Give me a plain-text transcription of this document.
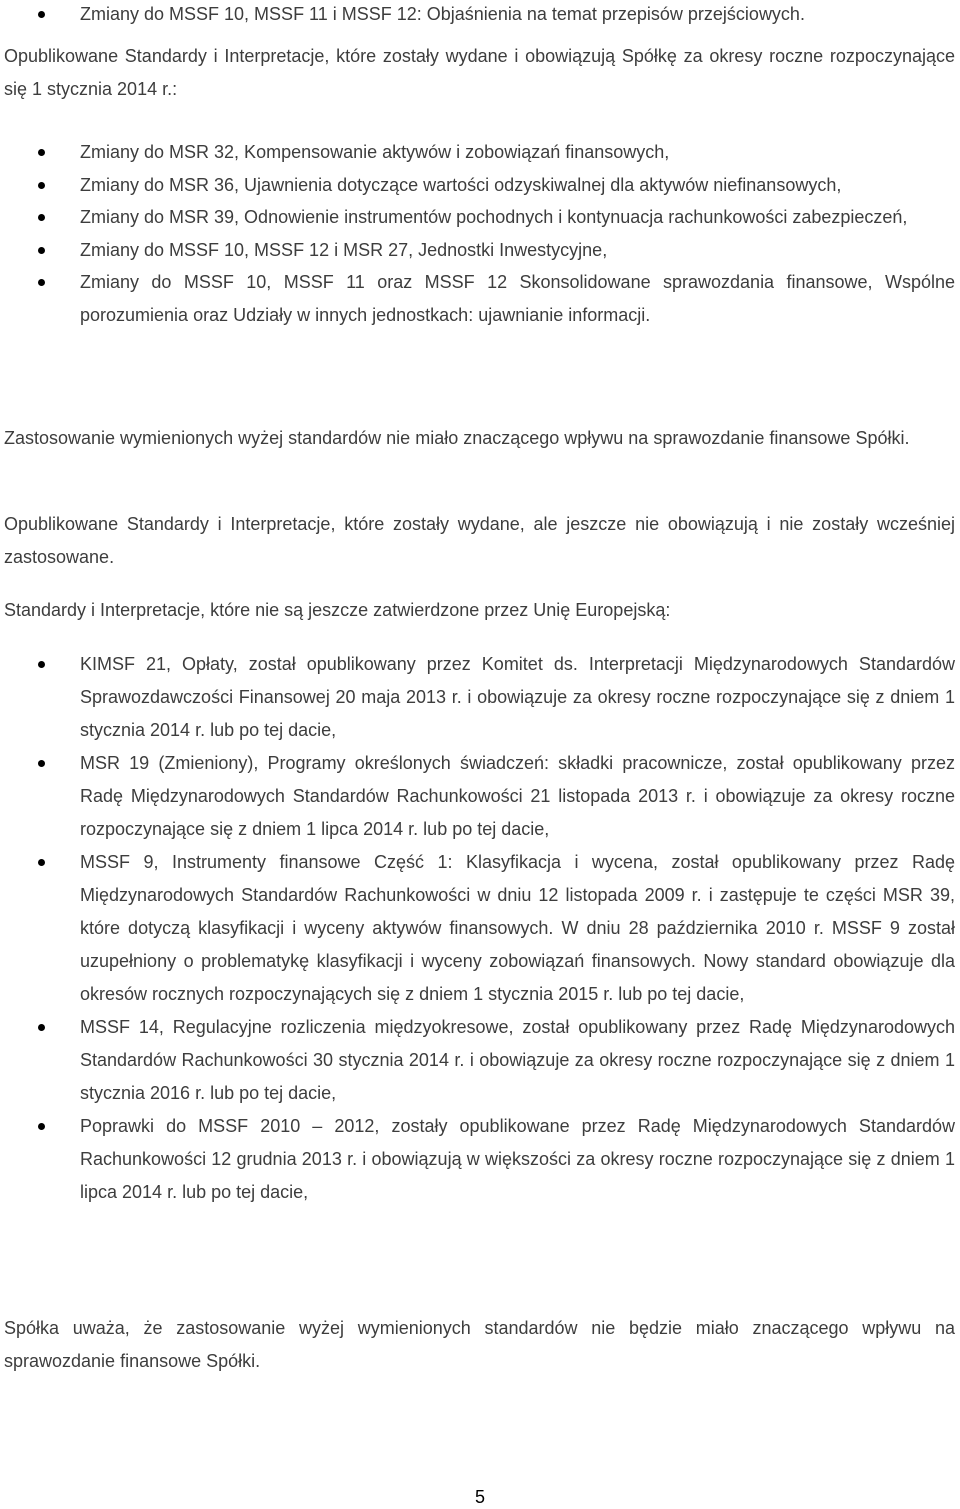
Zmiany do MSSF 10, MSSF 11 i MSSF 12: Objaśnienia na temat przepisów przejściowych.

Opublikowane Standardy i Interpretacje, które zostały wydane i obowiązują Spółkę za okresy roczne rozpoczynające się 1 stycznia 2014 r.:

Zmiany do MSR 32, Kompensowanie aktywów i zobowiązań finansowych,
Zmiany do MSR 36, Ujawnienia dotyczące wartości odzyskiwalnej dla aktywów niefinansowych,
Zmiany do MSR 39, Odnowienie instrumentów pochodnych i kontynuacja rachunkowości zabezpieczeń,
Zmiany do MSSF 10, MSSF 12 i MSR 27, Jednostki Inwestycyjne,
Zmiany do MSSF 10, MSSF 11 oraz MSSF 12 Skonsolidowane sprawozdania finansowe, Wspólne porozumienia oraz Udziały w innych jednostkach: ujawnianie informacji.

Zastosowanie wymienionych wyżej standardów nie miało znaczącego wpływu na sprawozdanie finansowe Spółki.

Opublikowane Standardy i Interpretacje, które zostały wydane, ale jeszcze nie obowiązują i nie zostały wcześniej zastosowane.

Standardy i Interpretacje, które nie są jeszcze zatwierdzone przez Unię Europejską:

KIMSF 21, Opłaty, został opublikowany przez Komitet ds. Interpretacji Międzynarodowych Standardów Sprawozdawczości Finansowej 20 maja 2013 r. i obowiązuje za okresy roczne rozpoczynające się z dniem 1 stycznia 2014 r. lub po tej dacie,
MSR 19 (Zmieniony), Programy określonych świadczeń: składki pracownicze, został opublikowany przez Radę Międzynarodowych Standardów Rachunkowości 21 listopada 2013 r. i obowiązuje za okresy roczne rozpoczynające się z dniem 1 lipca 2014 r. lub po tej dacie,
MSSF 9, Instrumenty finansowe Część 1: Klasyfikacja i wycena, został opublikowany przez Radę Międzynarodowych Standardów Rachunkowości w dniu 12 listopada 2009 r. i zastępuje te części MSR 39, które dotyczą klasyfikacji i wyceny aktywów finansowych. W dniu 28 października 2010 r. MSSF 9 został uzupełniony o problematykę klasyfikacji i wyceny zobowiązań finansowych. Nowy standard obowiązuje dla okresów rocznych rozpoczynających się z dniem 1 stycznia 2015 r. lub po tej dacie,
MSSF 14, Regulacyjne rozliczenia międzyokresowe, został opublikowany przez Radę Międzynarodowych Standardów Rachunkowości 30 stycznia 2014 r. i obowiązuje za okresy roczne rozpoczynające się z dniem 1 stycznia 2016 r. lub po tej dacie,
Poprawki do MSSF 2010 – 2012, zostały opublikowane przez Radę Międzynarodowych Standardów Rachunkowości 12 grudnia 2013 r. i obowiązują w większości za okresy roczne rozpoczynające się z dniem 1 lipca 2014 r. lub po tej dacie,

Spółka uważa, że zastosowanie wyżej wymienionych standardów nie będzie miało znaczącego wpływu na sprawozdanie finansowe Spółki.

5
